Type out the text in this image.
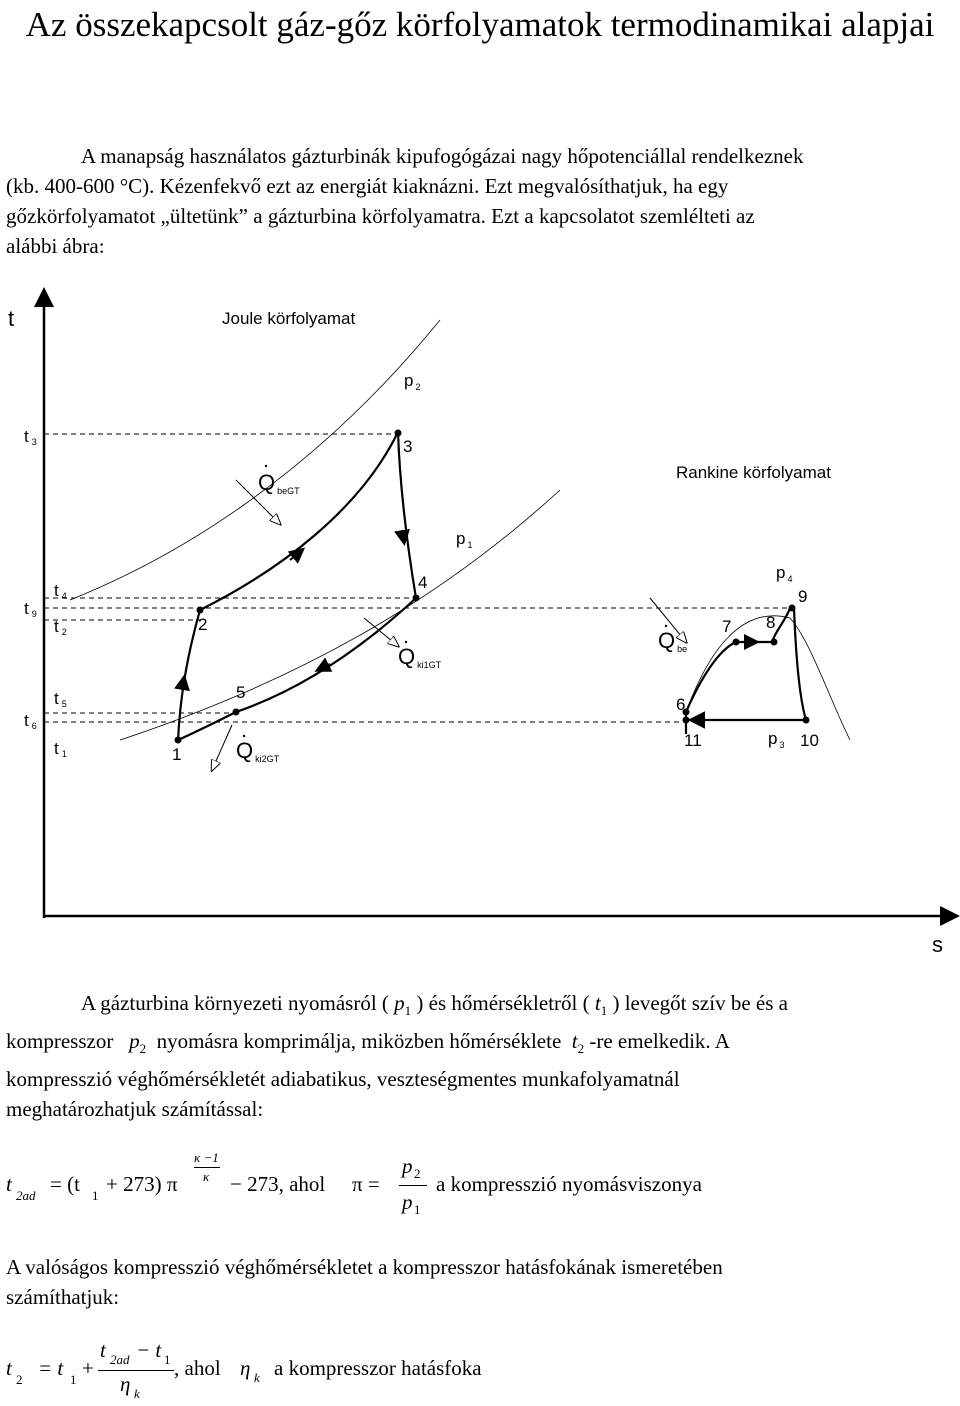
Az összekapcsolt gáz-gőz körfolyamatok termodinamikai alapjai

A manapság használatos gázturbinák kipufogógázai nagy hőpotenciállal rendelkeznek
(kb. 400-600 °C). Kézenfekvő ezt az energiát kiaknázni. Ezt megvalósíthatjuk, ha egy
gőzkörfolyamatot „ültetünk” a gázturbina körfolyamatra. Ezt a kapcsolatot szemlélteti az
alábbi ábra:

t
s
Joule körfolyamat
Rankine körfolyamat
1
2
3
4
5
6
7 8
9
10
11
t 3
t 4
t 9
t 2
t 5
t 6
t 1
p $_2$
p $_1$
p $_4$
p $_3$
QbeGT
Qki1GT
Qki2GT
Qbe

A gázturbina környezeti nyomásról ( $p_1$ ) és hőmérsékletről ( $t_1$ ) levegőt szív be és a
kompresszor $p_2$ nyomásra komprimálja, miközben hőmérséklete $t_2$ -re emelkedik. A
kompresszió véghőmérsékletét adiabatikus, veszteségmentes munkafolyamatnál
meghatározhatjuk számítással:

t 2ad = (t 1 + 273) π
κ −1
κ − 273, ahol π =
p 2
p 1
a kompresszió nyomásviszonya

A valóságos kompresszió véghőmérsékletet a kompresszor hatásfokának ismeretében
számíthatjuk:

t 2 = t 1 +
t 2ad − t 1
η k
, ahol η k a kompresszor hatásfoka
